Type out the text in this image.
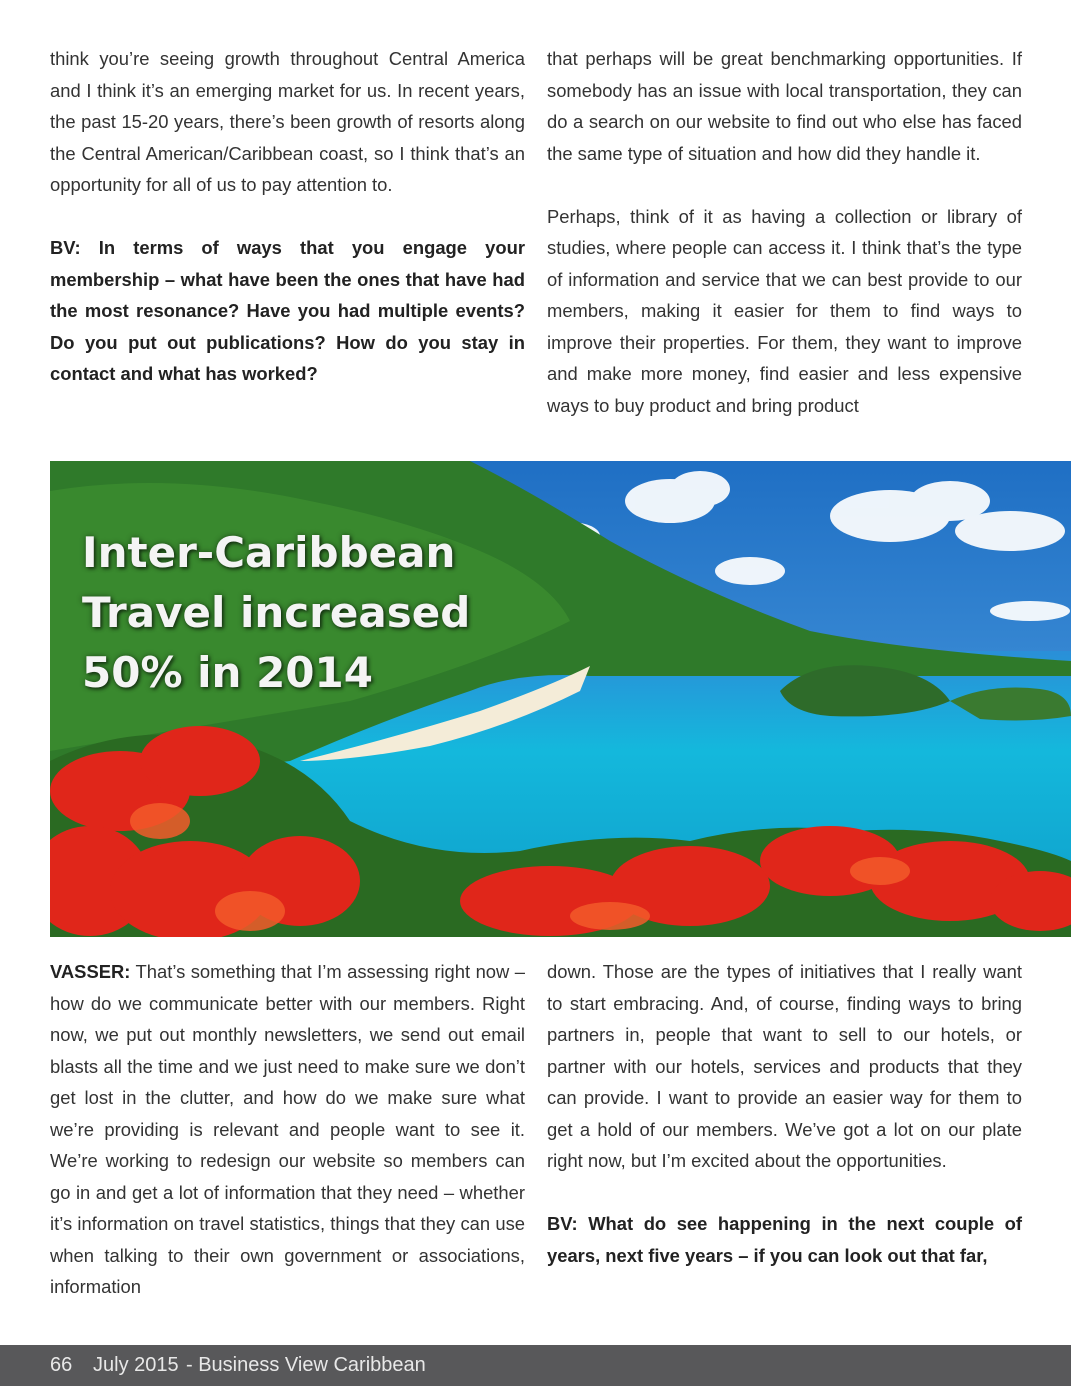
think you’re seeing growth throughout Central America and I think it’s an emerging market for us. In recent years, the past 15-20 years, there’s been growth of resorts along the Central American/Caribbean coast, so I think that’s an opportunity for all of us to pay attention to.

BV: In terms of ways that you engage your membership – what have been the ones that have had the most resonance? Have you had multiple events? Do you put out publications? How do you stay in contact and what has worked?

that perhaps will be great benchmarking opportunities. If somebody has an issue with local transportation, they can do a search on our website to find out who else has faced the same type of situation and how did they handle it.

Perhaps, think of it as having a collection or library of studies, where people can access it. I think that’s the type of information and service that we can best provide to our members, making it easier for them to find ways to improve their properties. For them, they want to improve and make more money, find easier and less expensive ways to buy product and bring product

Inter-Caribbean
Travel increased
50% in 2014

VASSER: That’s something that I’m assessing right now – how do we communicate better with our members. Right now, we put out monthly newsletters, we send out email blasts all the time and we just need to make sure we don’t get lost in the clutter, and how do we make sure what we’re providing is relevant and people want to see it. We’re working to redesign our website so members can go in and get a lot of information that they need – whether it’s information on travel statistics, things that they can use when talking to their own government or associations, information

down. Those are the types of initiatives that I really want to start embracing. And, of course, finding ways to bring partners in, people that want to sell to our hotels, or partner with our hotels, services and products that they can provide. I want to provide an easier way for them to get a hold of our members. We’ve got a lot on our plate right now, but I’m excited about the opportunities.

BV: What do see happening in the next couple of years, next five years – if you can look out that far,

66 July 2015 - Business View Caribbean
